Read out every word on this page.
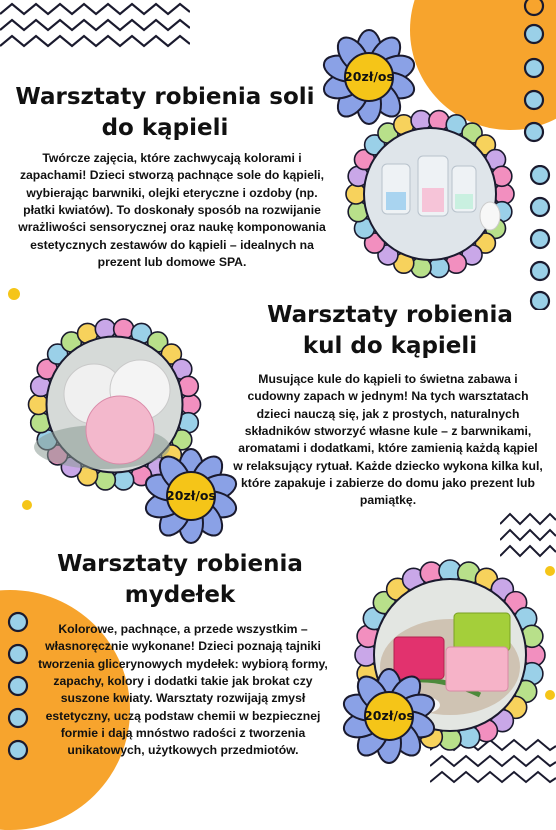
Warsztaty robienia soli
do kąpieli

Twórcze zajęcia, które zachwycają kolorami i zapachami! Dzieci stworzą pachnące sole do kąpieli, wybierając barwniki, olejki eteryczne i ozdoby (np. płatki kwiatów). To doskonały sposób na rozwijanie wrażliwości sensorycznej oraz naukę komponowania estetycznych zestawów do kąpieli – idealnych na prezent lub domowe SPA.

20zł/os
20zł/os
Warsztaty robienia
kul do kąpieli

Musujące kule do kąpieli to świetna zabawa i cudowny zapach w jednym! Na tych warsztatach dzieci nauczą się, jak z prostych, naturalnych składników stworzyć własne kule – z barwnikami, aromatami i dodatkami, które zamienią każdą kąpiel w relaksujący rytuał. Każde dziecko wykona kilka kul, które zapakuje i zabierze do domu jako prezent lub pamiątkę.

Warsztaty robienia
mydełek

Kolorowe, pachnące, a przede wszystkim – własnoręcznie wykonane! Dzieci poznają tajniki tworzenia glicerynowych mydełek: wybiorą formy, zapachy, kolory i dodatki takie jak brokat czy suszone kwiaty. Warsztaty rozwijają zmysł estetyczny, uczą podstaw chemii w bezpiecznej formie i dają mnóstwo radości z tworzenia unikatowych, użytkowych przedmiotów.

20zł/os
